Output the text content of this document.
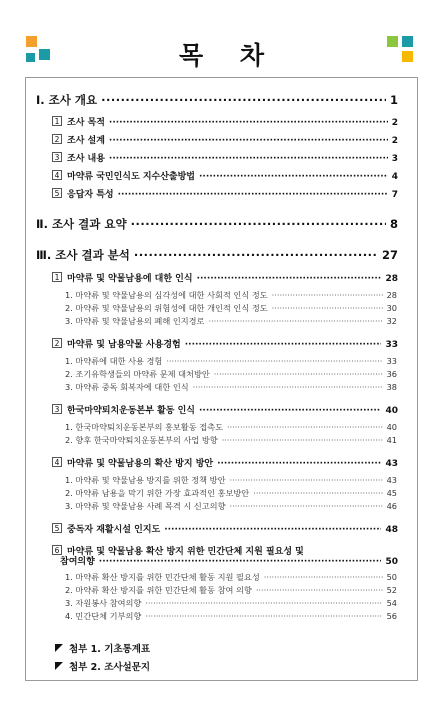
목 차
Ⅰ. 조사 개요 ·····	1
1 조사 목적 ·····	2
2 조사 설계 ·····	2
3 조사 내용 ·····	3
4 마약류 국민인식도 지수산출방법 ·····	4
5 응답자 특성 ·····	7
Ⅱ. 조사 결과 요약 ·····	8
Ⅲ. 조사 결과 분석 ·····	27
1 마약류 및 약물남용에 대한 인식 ·····	28
1. 마약류 및 약물남용의 심각성에 대한 사회적 인식 정도 ·····	28
2. 마약류 및 약물남용의 위험성에 대한 개인적 인식 정도 ·····	30
3. 마약류 및 약물남용의 폐해 인지경로 ·····	32
2 마약류 및 남용약물 사용경험 ·····	33
1. 마약류에 대한 사용 경험 ·····	33
2. 조기유학생들의 마약류 문제 대처방안 ·····	36
3. 마약류 중독 회복자에 대한 인식 ·····	38
3 한국마약퇴치운동본부 활동 인식 ·····	40
1. 한국마약퇴치운동본부의 홍보활동 접촉도 ·····	40
2. 향후 한국마약퇴치운동본부의 사업 방향 ·····	41
4 마약류 및 약물남용의 확산 방지 방안 ·····	43
1. 마약류 및 약물남용 방지를 위한 정책 방안 ·····	43
2. 마약류 남용을 막기 위한 가장 효과적인 홍보방안 ·····	45
3. 마약류 및 약물남용 사례 목격 시 신고의향 ·····	46
5 중독자 재활시설 인지도 ·····	48
6 마약류 및 약물남용 확산 방지 위한 민간단체 지원 필요성 및
참여의향 ·····	50
1. 마약류 확산 방지를 위한 민간단체 활동 지원 필요성 ·····	50
2. 마약류 확산 방지를 위한 민간단체 활동 참여 의향 ·····	52
3. 자원봉사 참여의향 ·····	54
4. 민간단체 기부의향 ·····	56
첨부 1. 기초통계표
첨부 2. 조사설문지
